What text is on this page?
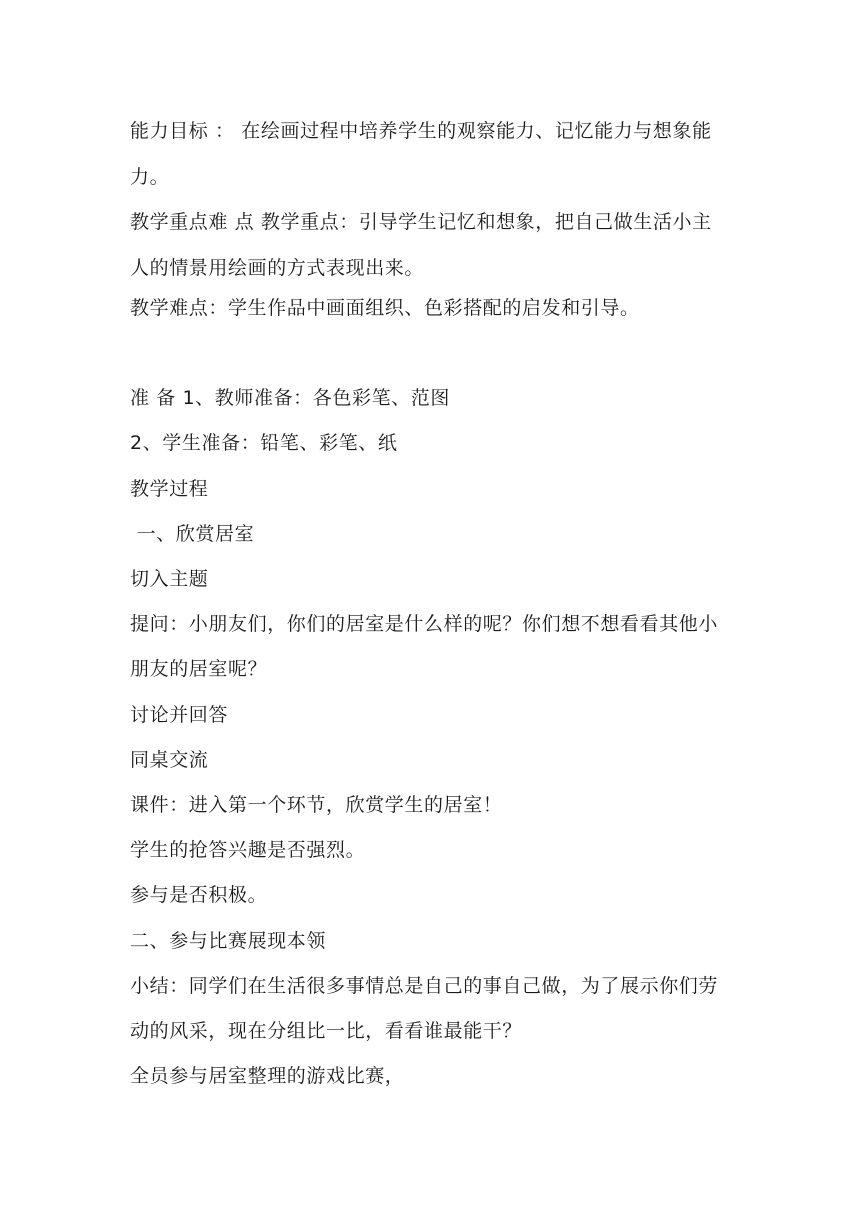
能力目标 ： 在绘画过程中培养学生的观察能力、记忆能力与想象能
力。
教学重点难 点 教学重点：引导学生记忆和想象，把自己做生活小主
人的情景用绘画的方式表现出来。
教学难点：学生作品中画面组织、色彩搭配的启发和引导。
准 备 1、教师准备：各色彩笔、范图
2、学生准备：铅笔、彩笔、纸
教学过程
一、欣赏居室
切入主题
提问：小朋友们，你们的居室是什么样的呢？你们想不想看看其他小
朋友的居室呢？
讨论并回答
同桌交流
课件：进入第一个环节，欣赏学生的居室！
学生的抢答兴趣是否强烈。
参与是否积极。
二、参与比赛展现本领
小结：同学们在生活很多事情总是自己的事自己做，为了展示你们劳
动的风采，现在分组比一比，看看谁最能干？
全员参与居室整理的游戏比赛，
